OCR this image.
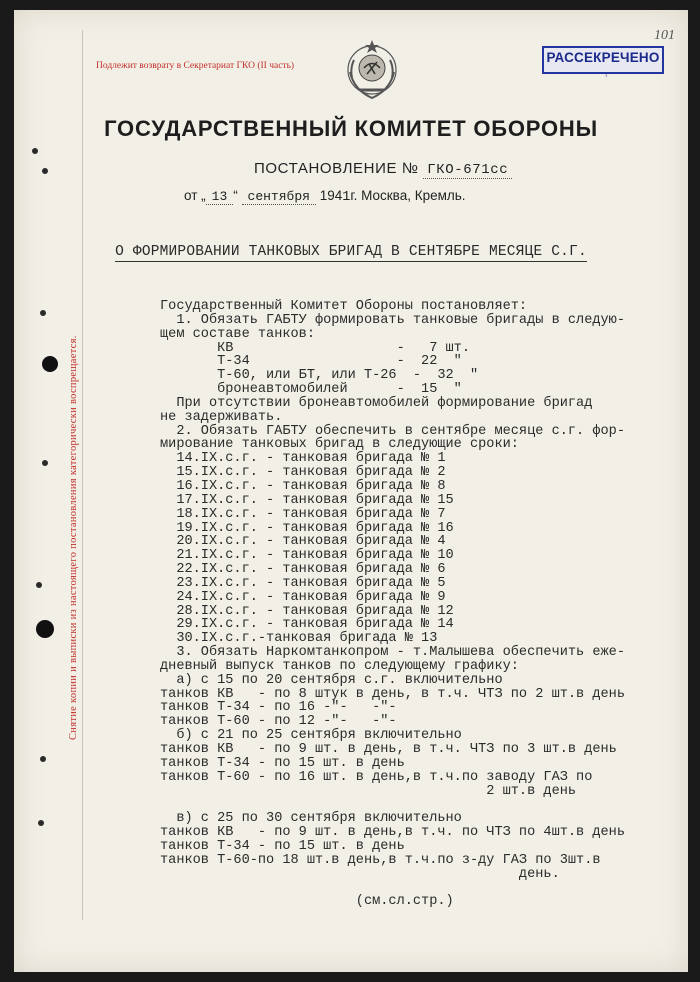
Подлежит возврату в Секретариат ГКО (II часть)
101
РАССЕКРЕЧЕНО
ГОСУДАРСТВЕННЫЙ КОМИТЕТ ОБОРОНЫ
ПОСТАНОВЛЕНИЕ № ГКО-671сс
от „ 13 “ сентября 1941г. Москва, Кремль.
О ФОРМИРОВАНИИ ТАНКОВЫХ БРИГАД В СЕНТЯБРЕ МЕСЯЦЕ С.Г.
Государственный Комитет Обороны постановляет:
1. Обязать ГАБТУ формировать танковые бригады в следую-
щем составе танков:
КВ                    -   7 шт.
Т-34                  -  22  "
Т-60, или БТ, или Т-26  -  32  "
бронеавтомобилей      -  15  "
При отсутствии бронеавтомобилей формирование бригад
не задерживать.
2. Обязать ГАБТУ обеспечить в сентябре месяце с.г. фор-
мирование танковых бригад в следующие сроки:
14.IX.с.г. - танковая бригада № 1
15.IX.с.г. - танковая бригада № 2
16.IX.с.г. - танковая бригада № 8
17.IX.с.г. - танковая бригада № 15
18.IX.с.г. - танковая бригада № 7
19.IX.с.г. - танковая бригада № 16
20.IX.с.г. - танковая бригада № 4
21.IX.с.г. - танковая бригада № 10
22.IX.с.г. - танковая бригада № 6
23.IX.с.г. - танковая бригада № 5
24.IX.с.г. - танковая бригада № 9
28.IX.с.г. - танковая бригада № 12
29.IX.с.г. - танковая бригада № 14
30.IX.с.г.-танковая бригада № 13
3. Обязать Наркомтанкопром - т.Малышева обеспечить еже-
дневный выпуск танков по следующему графику:
а) с 15 по 20 сентября с.г. включительно
танков КВ   - по 8 штук в день, в т.ч. ЧТЗ по 2 шт.в день
танков Т-34 - по 16 -"-   -"-
танков Т-60 - по 12 -"-   -"-
б) с 21 по 25 сентября включительно
танков КВ   - по 9 шт. в день, в т.ч. ЧТЗ по 3 шт.в день
танков Т-34 - по 15 шт. в день
танков Т-60 - по 16 шт. в день,в т.ч.по заводу ГАЗ по
2 шт.в день
в) с 25 по 30 сентября включительно
танков КВ   - по 9 шт. в день,в т.ч. по ЧТЗ по 4шт.в день
танков Т-34 - по 15 шт. в день
танков Т-60-по 18 шт.в день,в т.ч.по з-ду ГАЗ по 3шт.в
день.
(см.сл.стр.)
Снятие копии и выписки из настоящего постановления категорически воспрещается.
